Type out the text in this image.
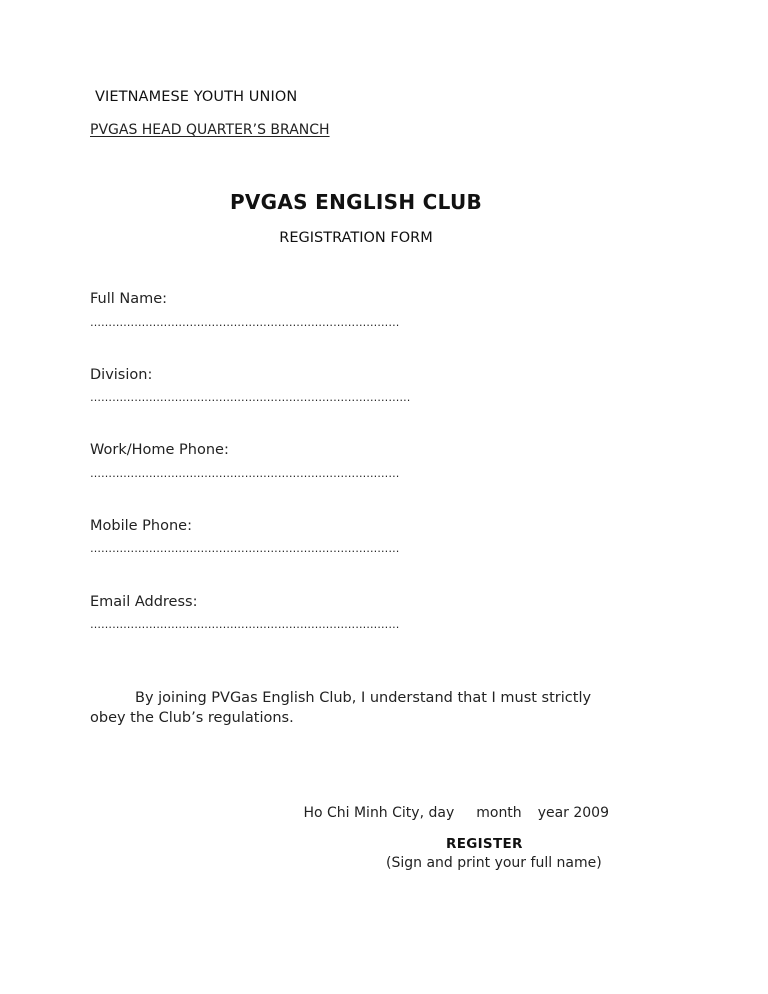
VIETNAMESE YOUTH UNION
PVGAS HEAD QUARTER’S BRANCH
PVGAS ENGLISH CLUB
REGISTRATION FORM
Full Name:
…………………………………………………………………………
Division:
……………………………………………………………………………
Work/Home Phone:
…………………………………………………………………………
Mobile Phone:
…………………………………………………………………………
Email Address:
…………………………………………………………………………
By joining PVGas English Club, I understand that I must strictly obey the Club’s regulations.
Ho Chi Minh City, day month year 2009
REGISTER
(Sign and print your full name)
